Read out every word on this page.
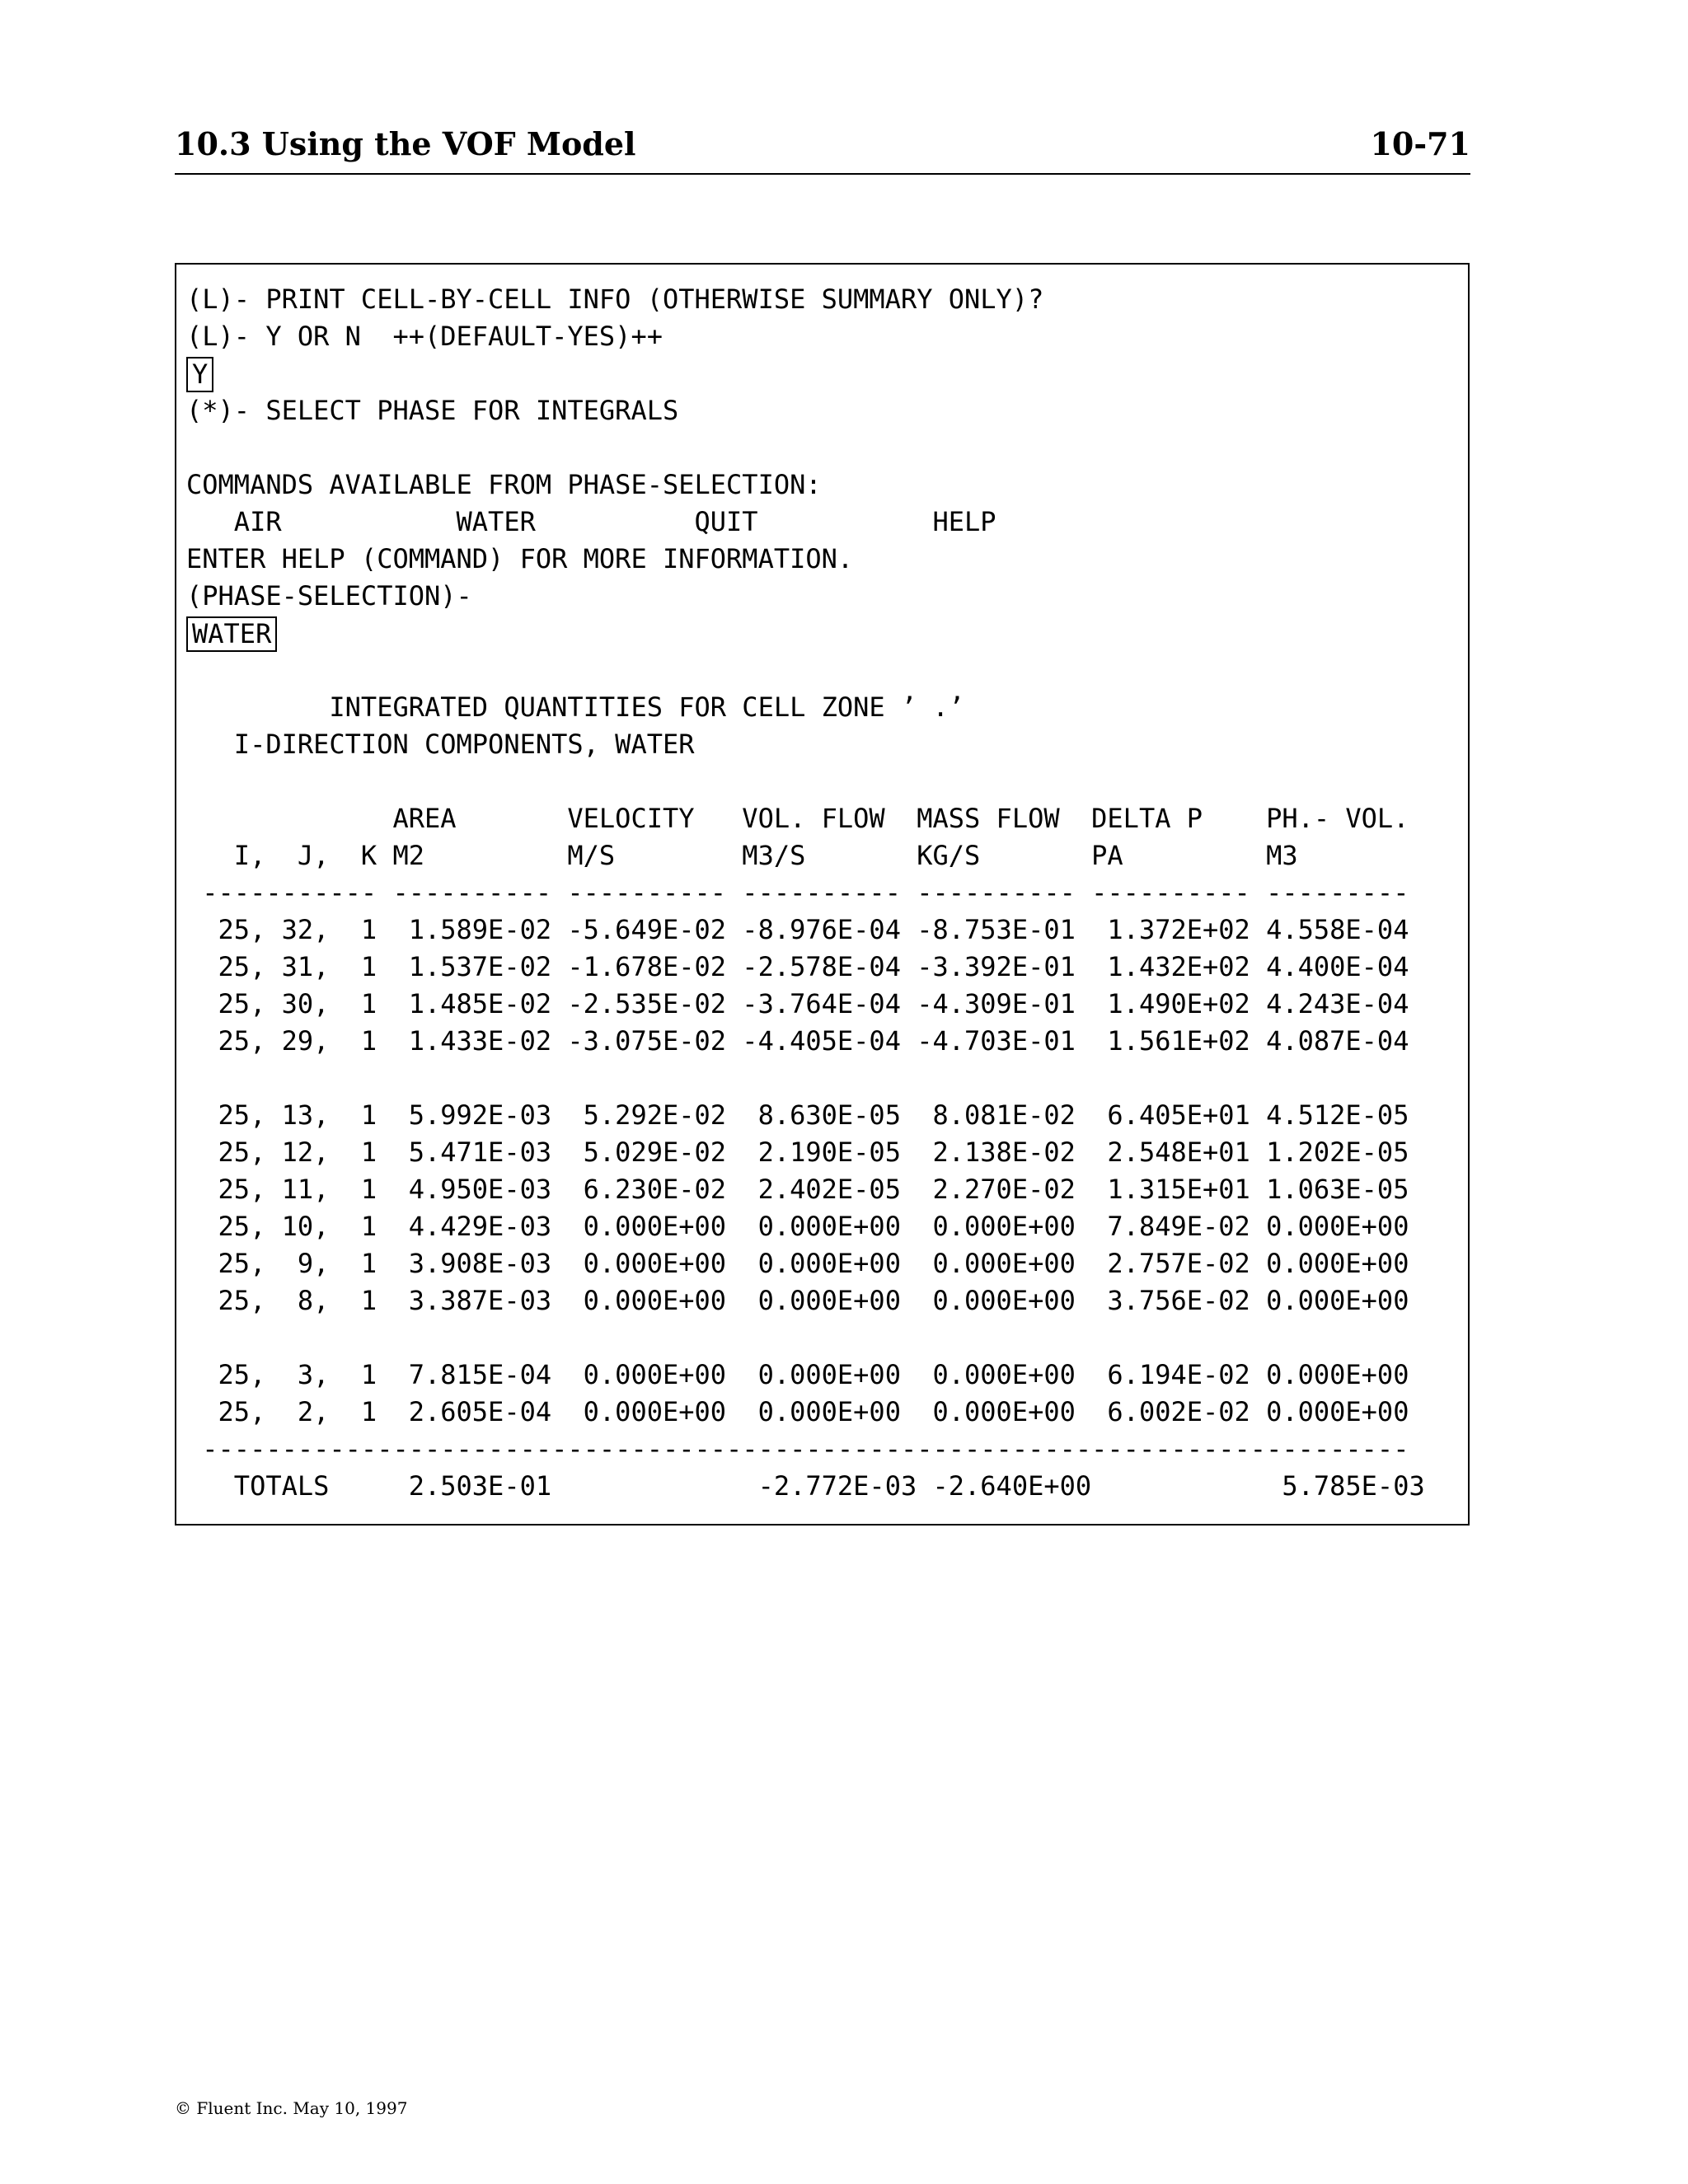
10.3 Using the VOF Model	10-71
(L)- PRINT CELL-BY-CELL INFO (OTHERWISE SUMMARY ONLY)?
(L)- Y OR N  ++(DEFAULT-YES)++
Y
(*)- SELECT PHASE FOR INTEGRALS
COMMANDS AVAILABLE FROM PHASE-SELECTION:
AIR           WATER          QUIT           HELP
ENTER HELP (COMMAND) FOR MORE INFORMATION.
(PHASE-SELECTION)-
WATER
INTEGRATED QUANTITIES FOR CELL ZONE ’ .’
I-DIRECTION COMPONENTS, WATER
AREA       VELOCITY   VOL. FLOW  MASS FLOW  DELTA P    PH.- VOL.
I,  J,  K M2         M/S        M3/S       KG/S       PA         M3
----------- ---------- ---------- ---------- ---------- ---------- ---------
25, 32,  1  1.589E-02 -5.649E-02 -8.976E-04 -8.753E-01  1.372E+02 4.558E-04
25, 31,  1  1.537E-02 -1.678E-02 -2.578E-04 -3.392E-01  1.432E+02 4.400E-04
25, 30,  1  1.485E-02 -2.535E-02 -3.764E-04 -4.309E-01  1.490E+02 4.243E-04
25, 29,  1  1.433E-02 -3.075E-02 -4.405E-04 -4.703E-01  1.561E+02 4.087E-04
25, 13,  1  5.992E-03  5.292E-02  8.630E-05  8.081E-02  6.405E+01 4.512E-05
25, 12,  1  5.471E-03  5.029E-02  2.190E-05  2.138E-02  2.548E+01 1.202E-05
25, 11,  1  4.950E-03  6.230E-02  2.402E-05  2.270E-02  1.315E+01 1.063E-05
25, 10,  1  4.429E-03  0.000E+00  0.000E+00  0.000E+00  7.849E-02 0.000E+00
25,  9,  1  3.908E-03  0.000E+00  0.000E+00  0.000E+00  2.757E-02 0.000E+00
25,  8,  1  3.387E-03  0.000E+00  0.000E+00  0.000E+00  3.756E-02 0.000E+00
25,  3,  1  7.815E-04  0.000E+00  0.000E+00  0.000E+00  6.194E-02 0.000E+00
25,  2,  1  2.605E-04  0.000E+00  0.000E+00  0.000E+00  6.002E-02 0.000E+00
----------------------------------------------------------------------------
TOTALS     2.503E-01             -2.772E-03 -2.640E+00            5.785E-03
© Fluent Inc. May 10, 1997
